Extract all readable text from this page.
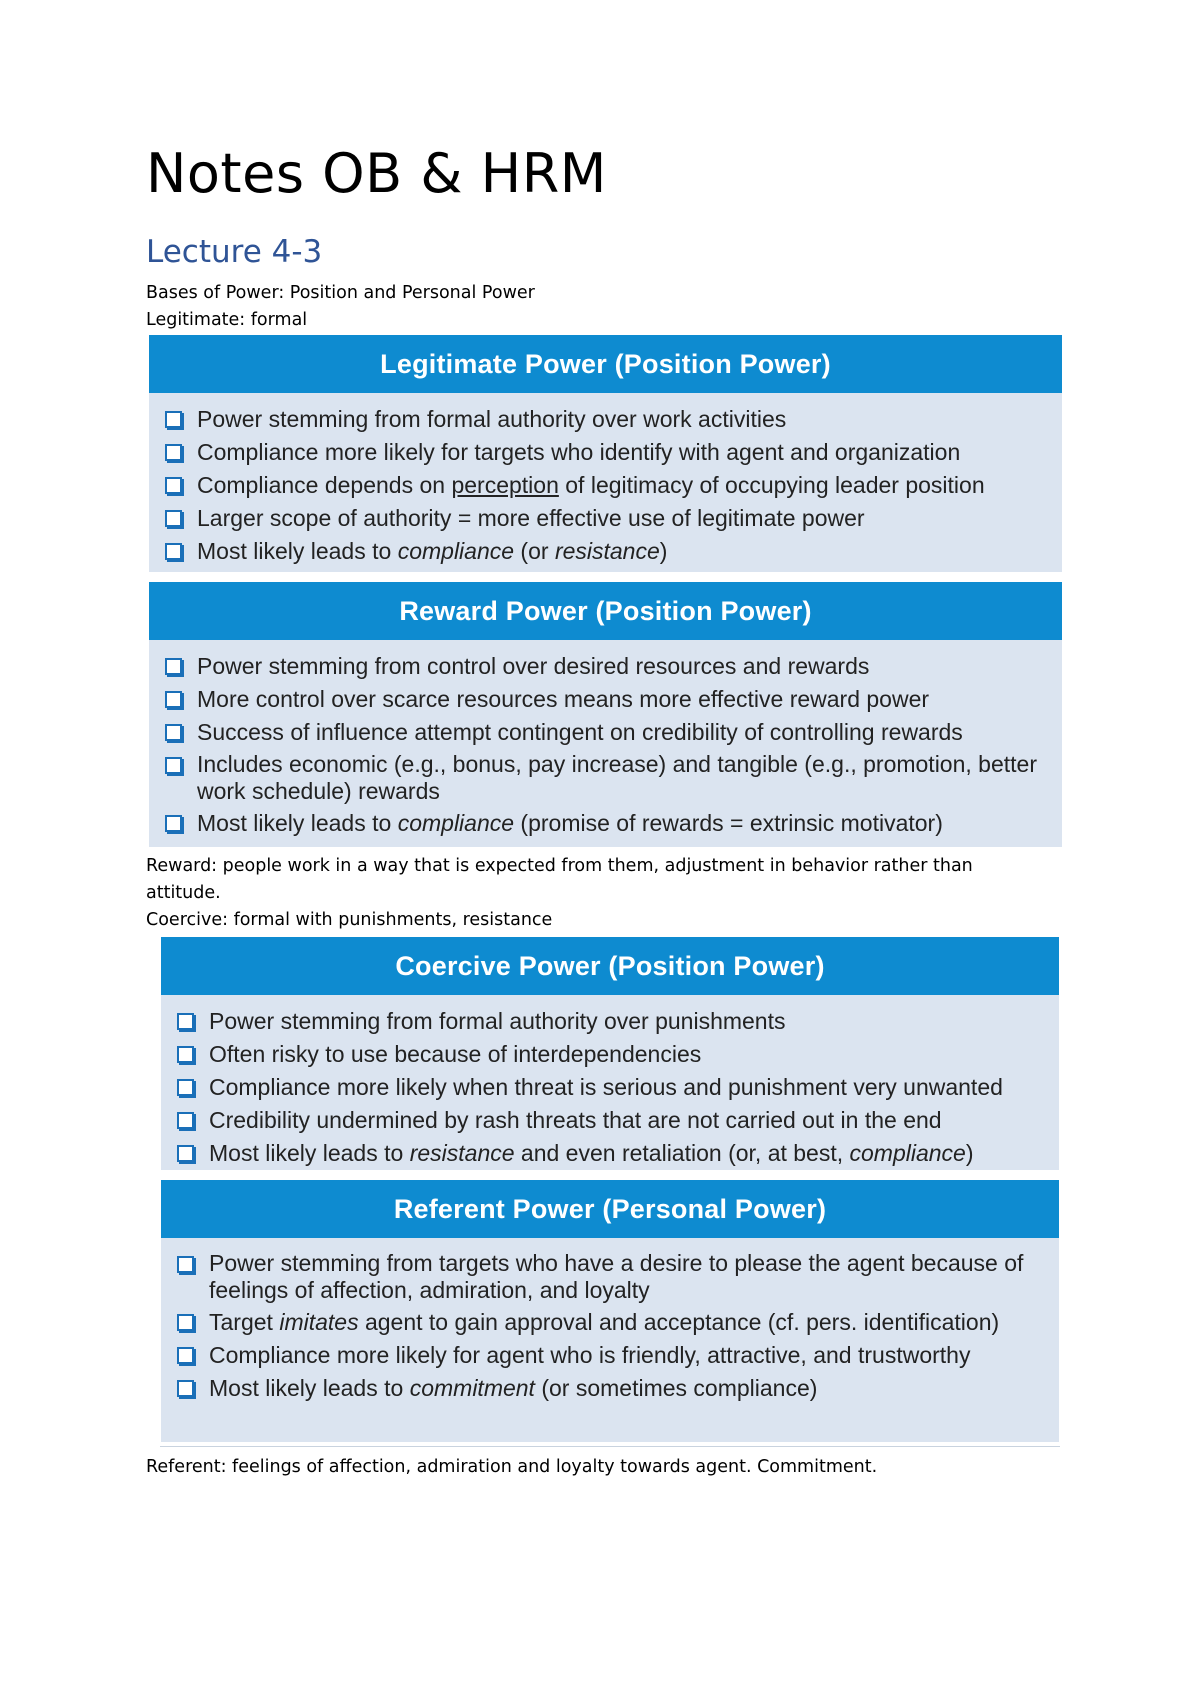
Notes OB & HRM
Lecture 4-3

Bases of Power: Position and Personal Power

Legitimate: formal

Legitimate Power (Position Power)
Power stemming from formal authority over work activities
Compliance more likely for targets who identify with agent and organization
Compliance depends on perception of legitimacy of occupying leader position
Larger scope of authority = more effective use of legitimate power
Most likely leads to compliance (or resistance)
Reward Power (Position Power)
Power stemming from control over desired resources and rewards
More control over scarce resources means more effective reward power
Success of influence attempt contingent on credibility of controlling rewards
Includes economic (e.g., bonus, pay increase) and tangible (e.g., promotion, better work schedule) rewards
Most likely leads to compliance (promise of rewards = extrinsic motivator)

Reward: people work in a way that is expected from them, adjustment in behavior rather than attitude.

Coercive: formal with punishments, resistance

Coercive Power (Position Power)
Power stemming from formal authority over punishments
Often risky to use because of interdependencies
Compliance more likely when threat is serious and punishment very unwanted
Credibility undermined by rash threats that are not carried out in the end
Most likely leads to resistance and even retaliation (or, at best, compliance)
Referent Power (Personal Power)
Power stemming from targets who have a desire to please the agent because of feelings of affection, admiration, and loyalty
Target imitates agent to gain approval and acceptance (cf. pers. identification)
Compliance more likely for agent who is friendly, attractive, and trustworthy
Most likely leads to commitment (or sometimes compliance)

Referent: feelings of affection, admiration and loyalty towards agent. Commitment.
